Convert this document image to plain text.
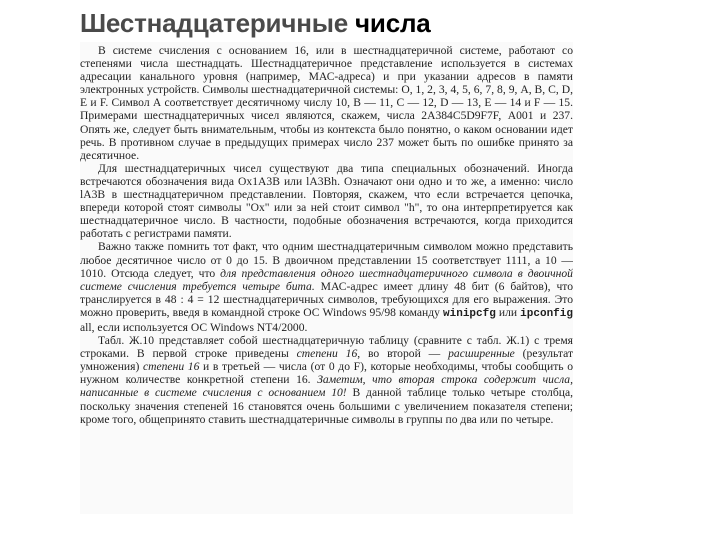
Шестнадцатеричные числа

В системе счисления с основанием 16, или в шестнадцатеричной системе, работают со степенями числа шестнадцать. Шестнадцатеричное представление используется в системах адресации канального уровня (например, МАС-адреса) и при указании адресов в памяти электронных устройств. Символы шестнадцатеричной системы: О, 1, 2, 3, 4, 5, 6, 7, 8, 9, А, В, С, D, Е и F. Символ А соответствует десятичному числу 10, В — 11, С — 12, D — 13, Е — 14 и F — 15. Примерами шестнадцатеричных чисел являются, скажем, числа 2A384C5D9F7F, А001 и 237. Опять же, следует быть внимательным, чтобы из контекста было понятно, о каком основании идет речь. В противном случае в предыдущих примерах число 237 может быть по ошибке принято за десятичное.

Для шестнадцатеричных чисел существуют два типа специальных обозначений. Иногда встречаются обозначения вида Ox1A3B или lA3Bh. Означают они одно и то же, а именно: число lA3B в шестнадцатеричном представлении. Повторяя, скажем, что если встречается цепочка, впереди которой стоят символы "Ox" или за ней стоит символ "h", то она интерпретируется как шестнадцатеричное число. В частности, подобные обозначения встречаются, когда приходится работать с регистрами памяти.

Важно также помнить тот факт, что одним шестнадцатеричным символом можно представить любое десятичное число от 0 до 15. В двоичном представлении 15 соответствует 1111, а 10 — 1010. Отсюда следует, что для представления одного шестнадцатеричного символа в двоичной системе счисления требуется четыре бита. МАС-адрес имеет длину 48 бит (6 байтов), что транслируется в 48 : 4 = 12 шестнадцатеричных символов, требующихся для его выражения. Это можно проверить, введя в командной строке ОС Windows 95/98 команду winipcfg или ipconfig all, если используется ОС Windows NT4/2000.

Табл. Ж.10 представляет собой шестнадцатеричную таблицу (сравните с табл. Ж.1) с тремя строками. В первой строке приведены степени 16, во второй — расширенные (результат умножения) степени 16 и в третьей — числа (от 0 до F), которые необходимы, чтобы сообщить о нужном количестве конкретной степени 16. Заметим, что вторая строка содержит числа, написанные в системе счисления с основанием 10! В данной таблице только четыре столбца, поскольку значения степеней 16 становятся очень большими с увеличением показателя степени; кроме того, общепринято ставить шестнадцатеричные символы в группы по два или по четыре.
